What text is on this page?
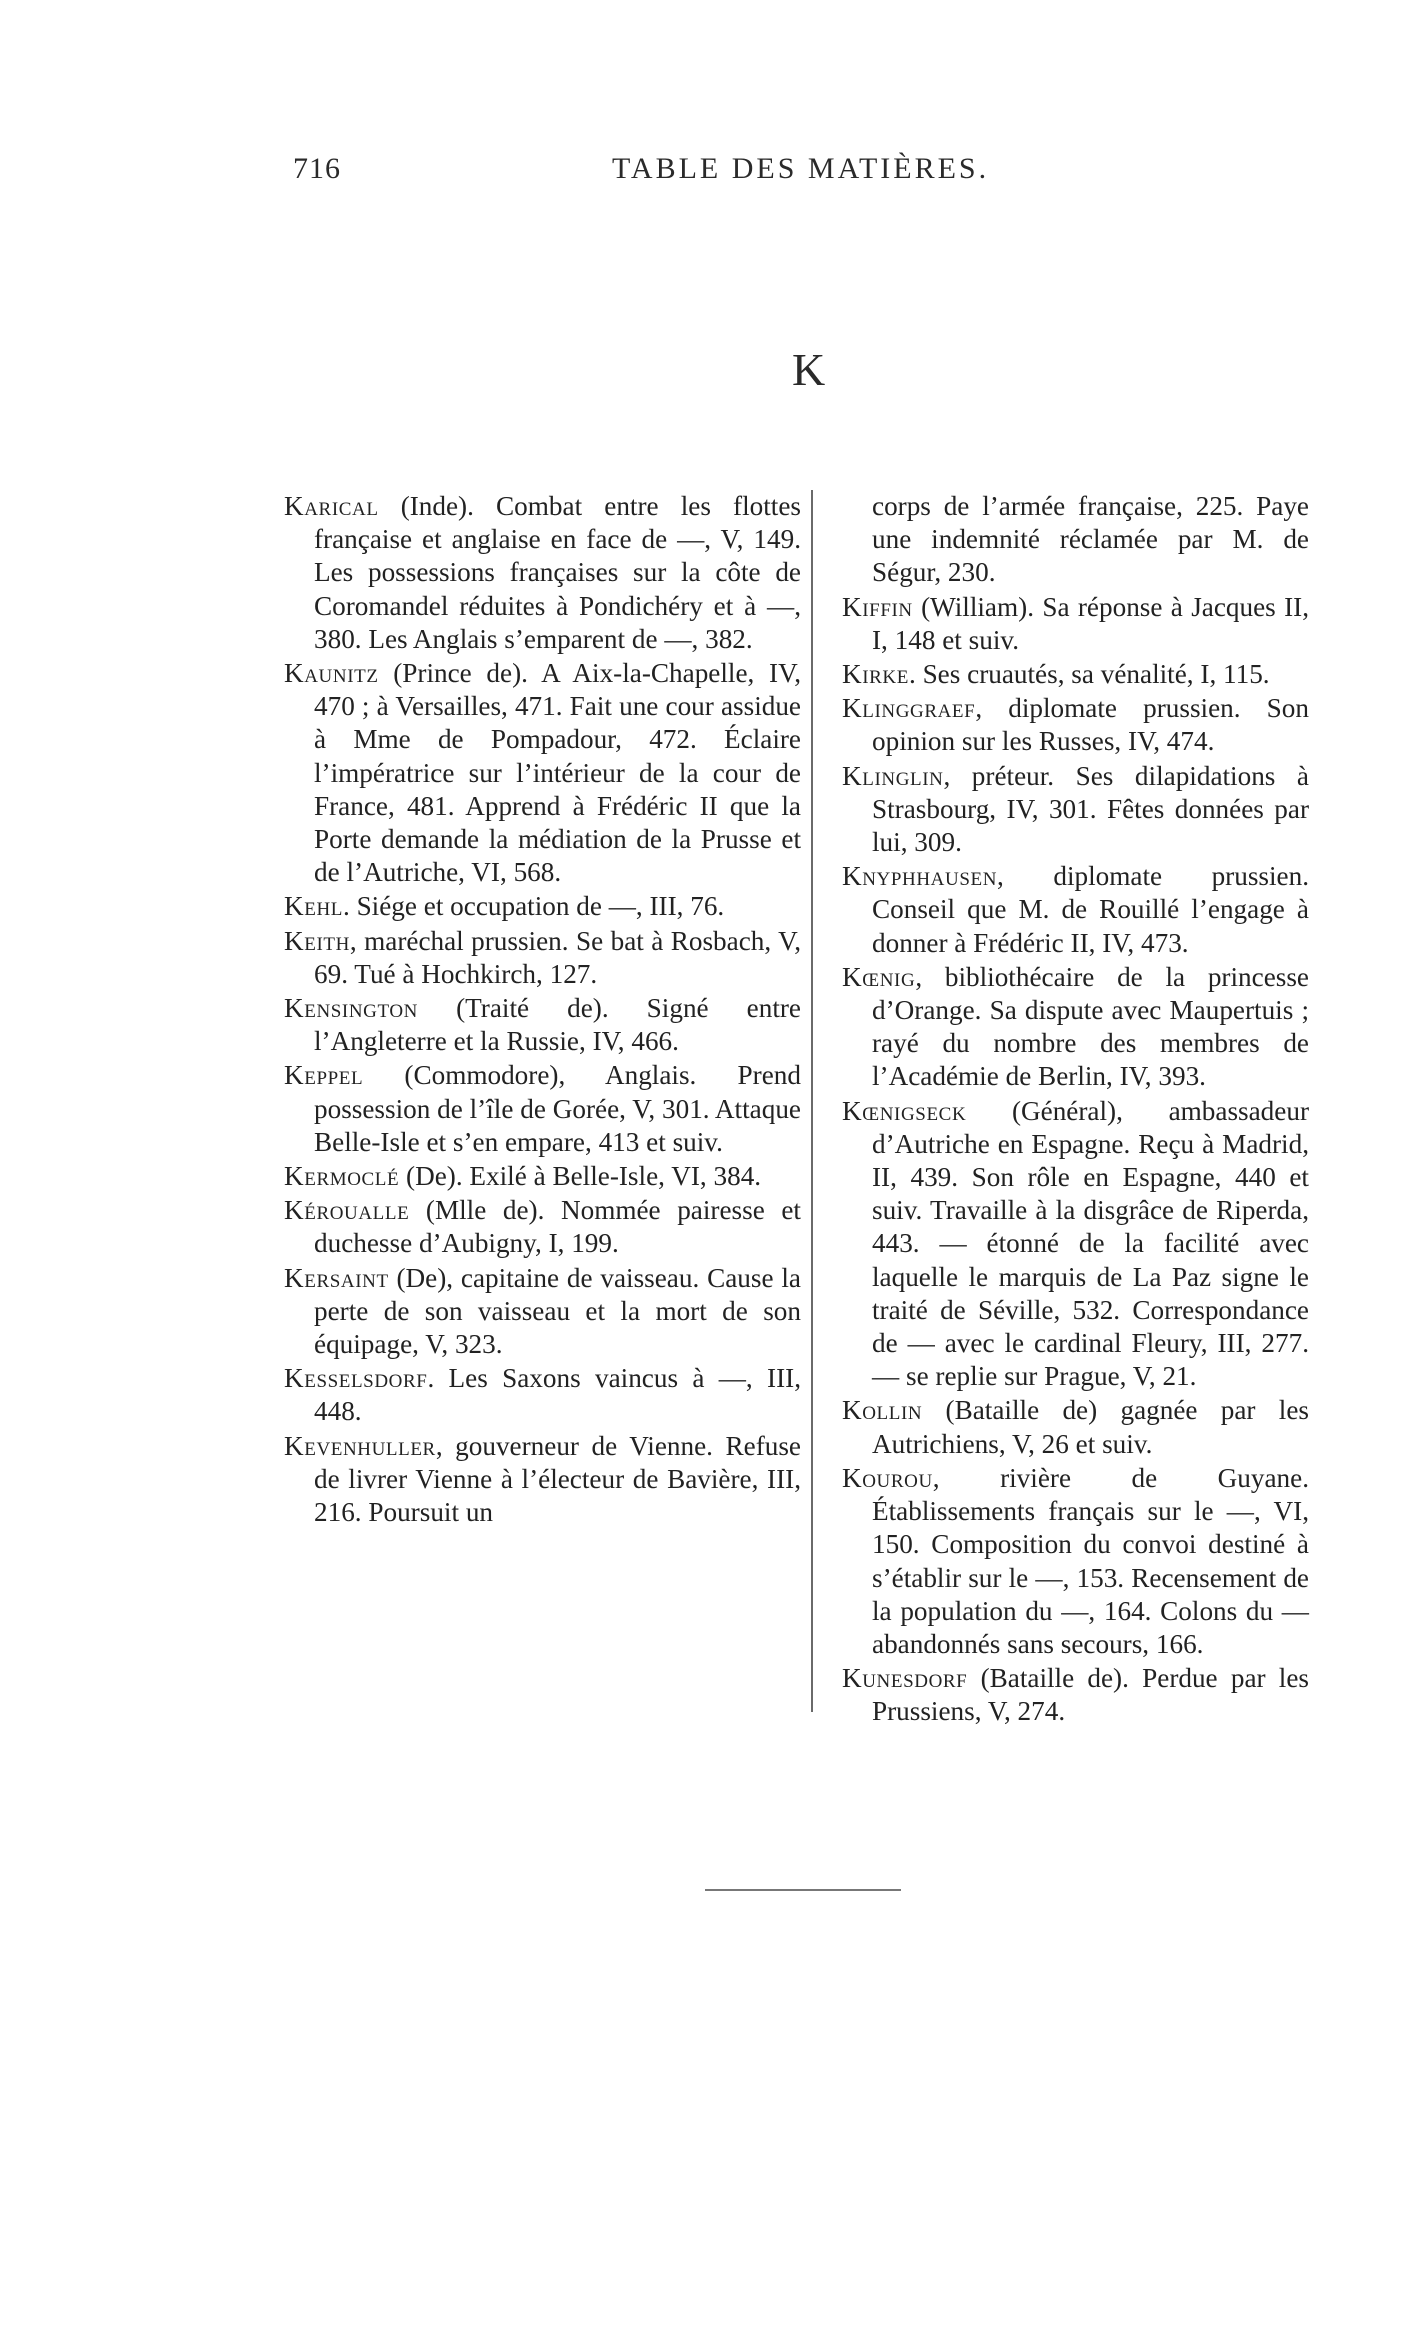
716	TABLE DES MATIÈRES.
K

Karical (Inde). Combat entre les flottes française et anglaise en face de —, V, 149. Les possessions françaises sur la côte de Coromandel réduites à Pondichéry et à —, 380. Les Anglais s’emparent de —, 382.

Kaunitz (Prince de). A Aix-la-Chapelle, IV, 470 ; à Versailles, 471. Fait une cour assidue à Mme de Pompadour, 472. Éclaire l’impératrice sur l’intérieur de la cour de France, 481. Apprend à Frédéric II que la Porte demande la médiation de la Prusse et de l’Autriche, VI, 568.

Kehl. Siége et occupation de —, III, 76.

Keith, maréchal prussien. Se bat à Rosbach, V, 69. Tué à Hochkirch, 127.

Kensington (Traité de). Signé entre l’Angleterre et la Russie, IV, 466.

Keppel (Commodore), Anglais. Prend possession de l’île de Gorée, V, 301. Attaque Belle-Isle et s’en empare, 413 et suiv.

Kermoclé (De). Exilé à Belle-Isle, VI, 384.

Kéroualle (Mlle de). Nommée pairesse et duchesse d’Aubigny, I, 199.

Kersaint (De), capitaine de vaisseau. Cause la perte de son vaisseau et la mort de son équipage, V, 323.

Kesselsdorf. Les Saxons vaincus à —, III, 448.

Kevenhuller, gouverneur de Vienne. Refuse de livrer Vienne à l’électeur de Bavière, III, 216. Poursuit un

corps de l’armée française, 225. Paye une indemnité réclamée par M. de Ségur, 230.

Kiffin (William). Sa réponse à Jacques II, I, 148 et suiv.

Kirke. Ses cruautés, sa vénalité, I, 115.

Klinggraef, diplomate prussien. Son opinion sur les Russes, IV, 474.

Klinglin, préteur. Ses dilapidations à Strasbourg, IV, 301. Fêtes données par lui, 309.

Knyphhausen, diplomate prussien. Conseil que M. de Rouillé l’engage à donner à Frédéric II, IV, 473.

Kœnig, bibliothécaire de la princesse d’Orange. Sa dispute avec Maupertuis ; rayé du nombre des membres de l’Académie de Berlin, IV, 393.

Kœnigseck (Général), ambassadeur d’Autriche en Espagne. Reçu à Madrid, II, 439. Son rôle en Espagne, 440 et suiv. Travaille à la disgrâce de Riperda, 443. — étonné de la facilité avec laquelle le marquis de La Paz signe le traité de Séville, 532. Correspondance de — avec le cardinal Fleury, III, 277. — se replie sur Prague, V, 21.

Kollin (Bataille de) gagnée par les Autrichiens, V, 26 et suiv.

Kourou, rivière de Guyane. Établissements français sur le —, VI, 150. Composition du convoi destiné à s’établir sur le —, 153. Recensement de la population du —, 164. Colons du — abandonnés sans secours, 166.

Kunesdorf (Bataille de). Perdue par les Prussiens, V, 274.
